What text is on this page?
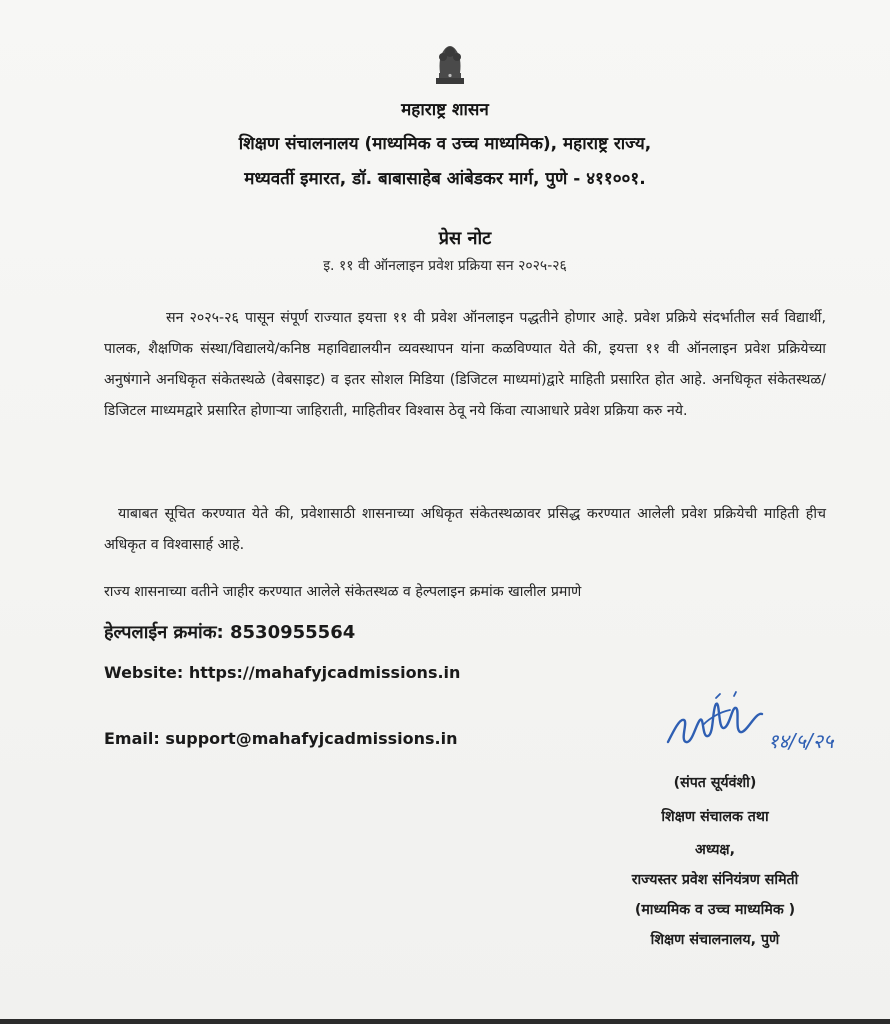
महाराष्ट्र शासन
शिक्षण संचालनालय (माध्यमिक व उच्च माध्यमिक), महाराष्ट्र राज्य,
मध्यवर्ती इमारत, डॉ. बाबासाहेब आंबेडकर मार्ग, पुणे - ४११००१.
प्रेस नोट
इ. ११ वी ऑनलाइन प्रवेश प्रक्रिया सन २०२५-२६
सन २०२५-२६ पासून संपूर्ण राज्यात इयत्ता ११ वी प्रवेश ऑनलाइन पद्धतीने होणार आहे. प्रवेश प्रक्रिये संदर्भातील सर्व विद्यार्थी, पालक, शैक्षणिक संस्था/विद्यालये/कनिष्ठ महाविद्यालयीन व्यवस्थापन यांना कळविण्यात येते की, इयत्ता ११ वी ऑनलाइन प्रवेश प्रक्रियेच्या अनुषंगाने अनधिकृत संकेतस्थळे (वेबसाइट) व इतर सोशल मिडिया (डिजिटल माध्यमां)द्वारे माहिती प्रसारित होत आहे. अनधिकृत संकेतस्थळ/ डिजिटल माध्यमद्वारे प्रसारित होणाऱ्या जाहिराती, माहितीवर विश्वास ठेवू नये किंवा त्याआधारे प्रवेश प्रक्रिया करु नये.
याबाबत सूचित करण्यात येते की, प्रवेशासाठी शासनाच्या अधिकृत संकेतस्थळावर प्रसिद्ध करण्यात आलेली प्रवेश प्रक्रियेची माहिती हीच अधिकृत व विश्वासार्ह आहे.
राज्य शासनाच्या वतीने जाहीर करण्यात आलेले संकेतस्थळ व हेल्पलाइन क्रमांक खालील प्रमाणे
हेल्पलाईन क्रमांक: 8530955564
Website: https://mahafyjcadmissions.in
Email: support@mahafyjcadmissions.in	१४/५/२५
(संपत सूर्यवंशी)
शिक्षण संचालक तथा
अध्यक्ष,
राज्यस्तर प्रवेश संनियंत्रण समिती
(माध्यमिक व उच्च माध्यमिक )
शिक्षण संचालनालय, पुणे
